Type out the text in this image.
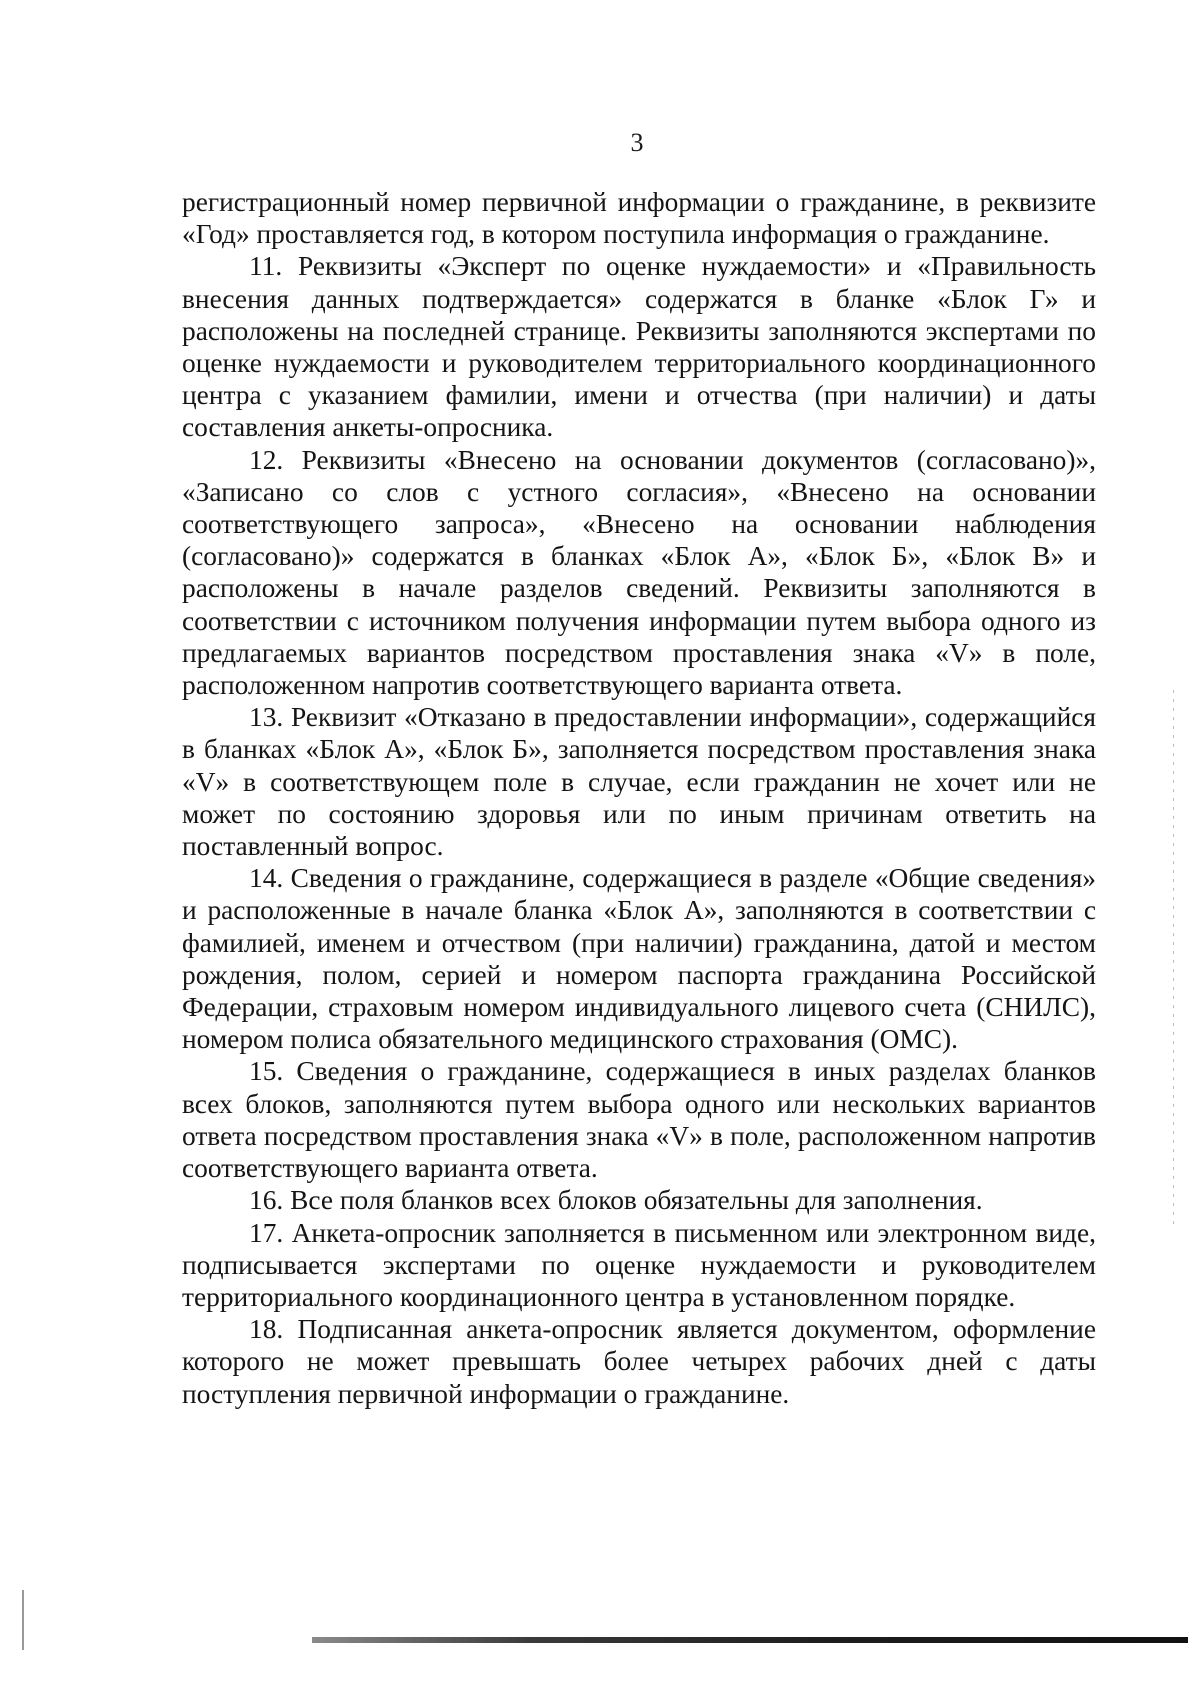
3

регистрационный номер первичной информации о гражданине, в реквизите «Год» проставляется год, в котором поступила информация о гражданине.

11. Реквизиты «Эксперт по оценке нуждаемости» и «Правильность внесения данных подтверждается» содержатся в бланке «Блок Г» и расположены на последней странице. Реквизиты заполняются экспертами по оценке нуждаемости и руководителем территориального координационного центра с указанием фамилии, имени и отчества (при наличии) и даты составления анкеты-опросника.

12. Реквизиты «Внесено на основании документов (согласовано)», «Записано со слов с устного согласия», «Внесено на основании соответствующего запроса», «Внесено на основании наблюдения (согласовано)» содержатся в бланках «Блок А», «Блок Б», «Блок В» и расположены в начале разделов сведений. Реквизиты заполняются в соответствии с источником получения информации путем выбора одного из предлагаемых вариантов посредством проставления знака «V» в поле, расположенном напротив соответствующего варианта ответа.

13. Реквизит «Отказано в предоставлении информации», содержащийся в бланках «Блок А», «Блок Б», заполняется посредством проставления знака «V» в соответствующем поле в случае, если гражданин не хочет или не может по состоянию здоровья или по иным причинам ответить на поставленный вопрос.

14. Сведения о гражданине, содержащиеся в разделе «Общие сведения» и расположенные в начале бланка «Блок А», заполняются в соответствии с фамилией, именем и отчеством (при наличии) гражданина, датой и местом рождения, полом, серией и номером паспорта гражданина Российской Федерации, страховым номером индивидуального лицевого счета (СНИЛС), номером полиса обязательного медицинского страхования (ОМС).

15. Сведения о гражданине, содержащиеся в иных разделах бланков всех блоков, заполняются путем выбора одного или нескольких вариантов ответа посредством проставления знака «V» в поле, расположенном напротив соответствующего варианта ответа.

16. Все поля бланков всех блоков обязательны для заполнения.

17. Анкета-опросник заполняется в письменном или электронном виде, подписывается экспертами по оценке нуждаемости и руководителем территориального координационного центра в установленном порядке.

18. Подписанная анкета-опросник является документом, оформление которого не может превышать более четырех рабочих дней с даты поступления первичной информации о гражданине.
